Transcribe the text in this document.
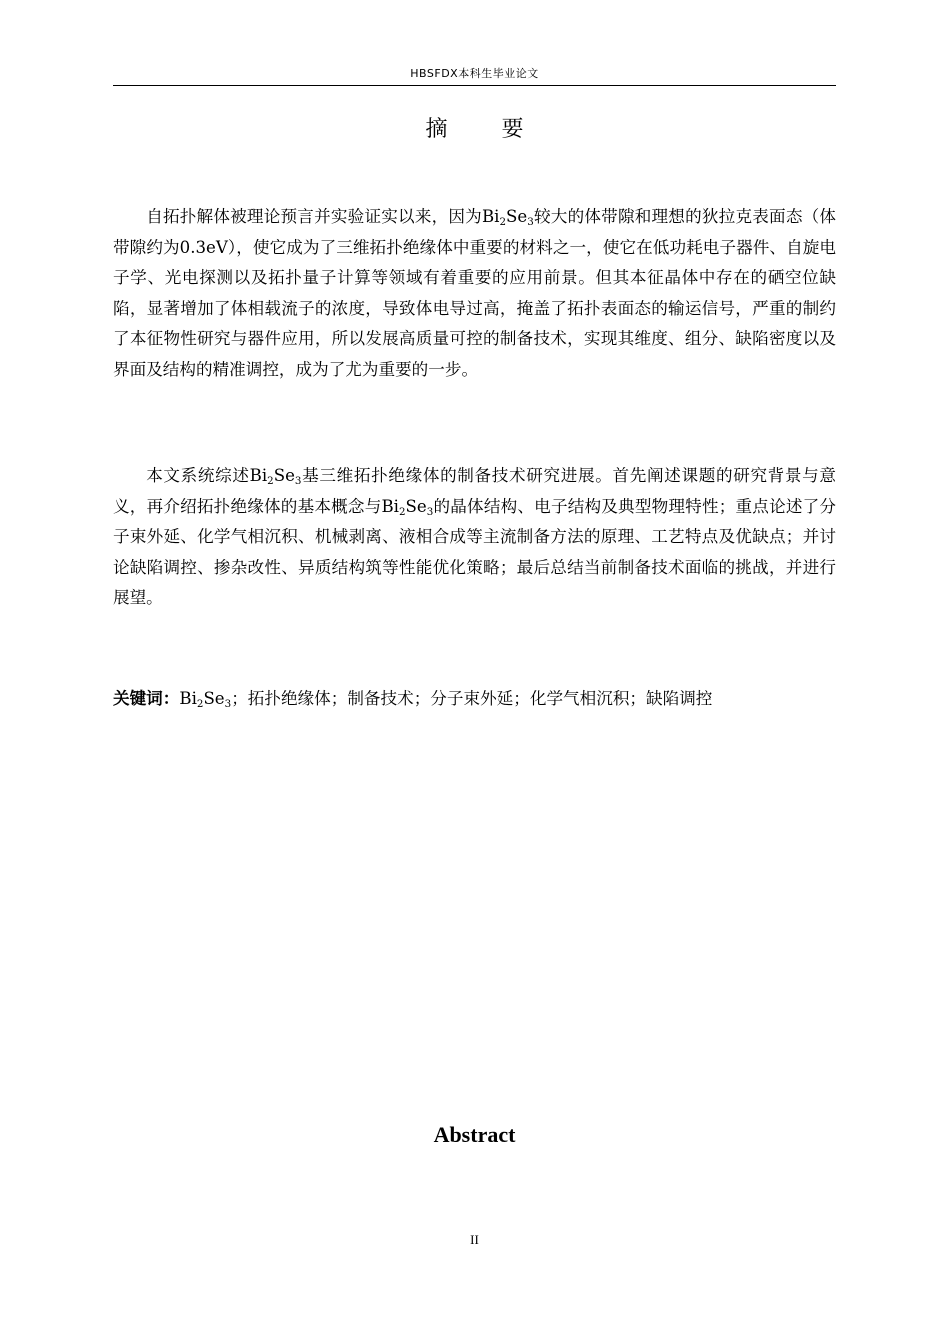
HBSFDX本科生毕业论文
摘　要

自拓扑解体被理论预言并实验证实以来，因为$Bi_2Se_3$较大的体带隙和理想的狄拉克表面态（体带隙约为0.3eV），使它成为了三维拓扑绝缘体中重要的材料之一，使它在低功耗电子器件、自旋电子学、光电探测以及拓扑量子计算等领域有着重要的应用前景。但其本征晶体中存在的硒空位缺陷，显著增加了体相载流子的浓度，导致体电导过高，掩盖了拓扑表面态的输运信号，严重的制约了本征物性研究与器件应用，所以发展高质量可控的制备技术，实现其维度、组分、缺陷密度以及界面及结构的精准调控，成为了尤为重要的一步。

本文系统综述$Bi_2Se_3$基三维拓扑绝缘体的制备技术研究进展。首先阐述课题的研究背景与意义，再介绍拓扑绝缘体的基本概念与$Bi_2Se_3$的晶体结构、电子结构及典型物理特性；重点论述了分子束外延、化学气相沉积、机械剥离、液相合成等主流制备方法的原理、工艺特点及优缺点；并讨论缺陷调控、掺杂改性、异质结构筑等性能优化策略；最后总结当前制备技术面临的挑战，并进行展望。

关键词：$Bi_2Se_3$；拓扑绝缘体；制备技术；分子束外延；化学气相沉积；缺陷调控
Abstract
II
